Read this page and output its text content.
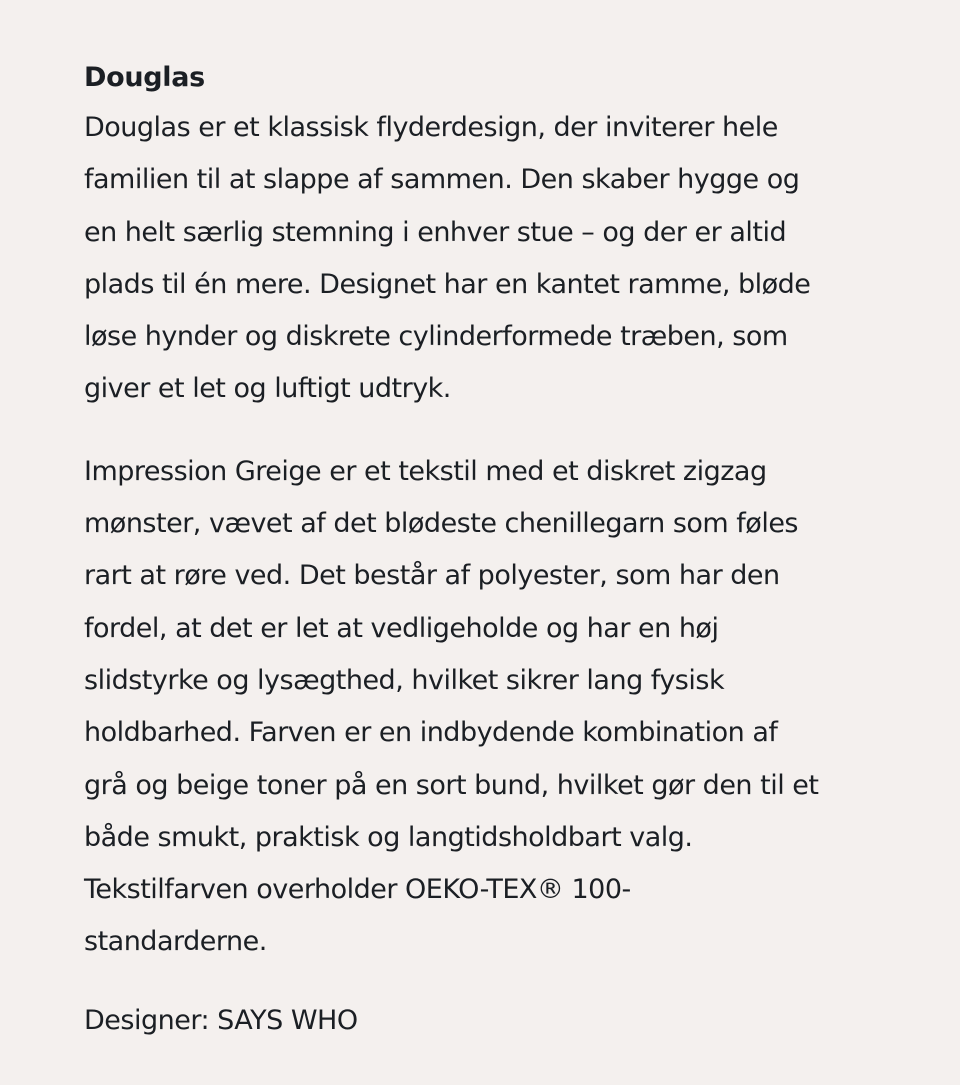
Douglas

Douglas er et klassisk flyderdesign, der inviterer hele
familien til at slappe af sammen. Den skaber hygge og
en helt særlig stemning i enhver stue – og der er altid
plads til én mere. Designet har en kantet ramme, bløde
løse hynder og diskrete cylinderformede træben, som
giver et let og luftigt udtryk.

Impression Greige er et tekstil med et diskret zigzag
mønster, vævet af det blødeste chenillegarn som føles
rart at røre ved. Det består af polyester, som har den
fordel, at det er let at vedligeholde og har en høj
slidstyrke og lysægthed, hvilket sikrer lang fysisk
holdbarhed. Farven er en indbydende kombination af
grå og beige toner på en sort bund, hvilket gør den til et
både smukt, praktisk og langtidsholdbart valg.
Tekstilfarven overholder OEKO-TEX® 100-
standarderne.

Designer: SAYS WHO
